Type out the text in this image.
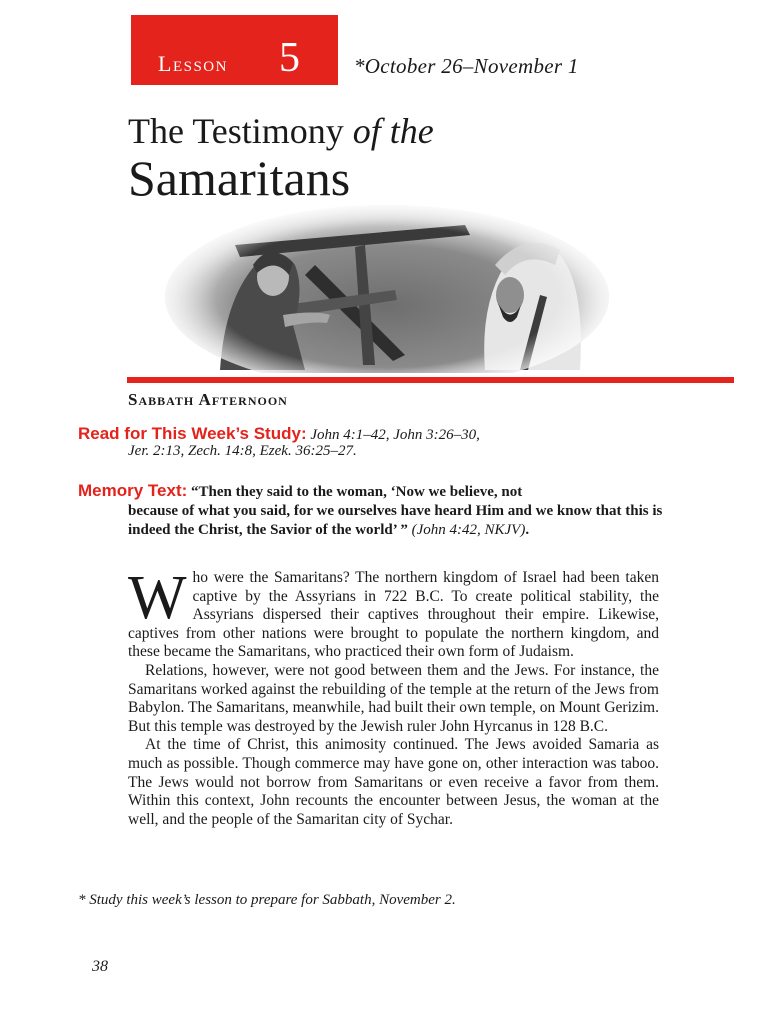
Lesson 5	*October 26–November 1
The Testimony of the
Samaritans
Sabbath Afternoon
Read for This Week’s Study: John 4:1–42, John 3:26–30,
Jer. 2:13, Zech. 14:8, Ezek. 36:25–27.
Memory Text: “Then they said to the woman, ‘Now we believe, not
because of what you said, for we ourselves have heard Him and we know that this is indeed the Christ, the Savior of the world’ ” (John 4:42, NKJV).

Who were the Samaritans? The northern kingdom of Israel had been taken captive by the Assyrians in 722 B.C. To create political stability, the Assyrians dispersed their captives throughout their empire. Likewise, captives from other nations were brought to populate the northern kingdom, and these became the Samaritans, who practiced their own form of Judaism.

Relations, however, were not good between them and the Jews. For instance, the Samaritans worked against the rebuilding of the temple at the return of the Jews from Babylon. The Samaritans, meanwhile, had built their own temple, on Mount Gerizim. But this temple was destroyed by the Jewish ruler John Hyrcanus in 128 B.C.

At the time of Christ, this animosity continued. The Jews avoided Samaria as much as possible. Though commerce may have gone on, other interaction was taboo. The Jews would not borrow from Samaritans or even receive a favor from them. Within this context, John recounts the encounter between Jesus, the woman at the well, and the people of the Samaritan city of Sychar.

* Study this week’s lesson to prepare for Sabbath, November 2.
38
